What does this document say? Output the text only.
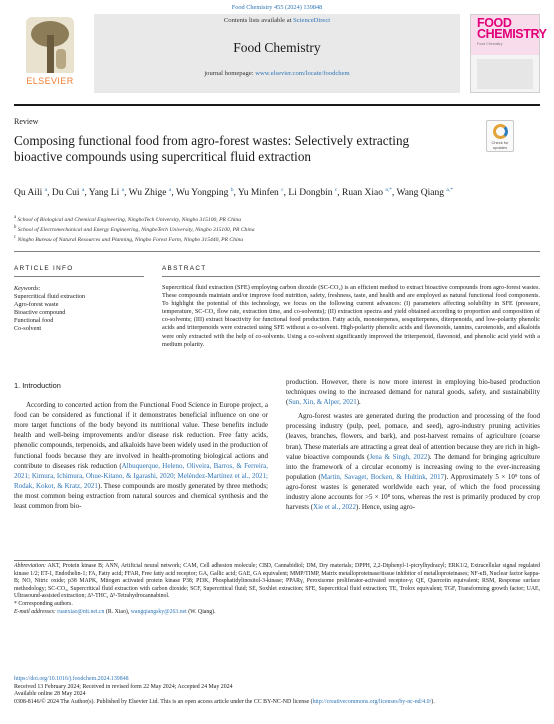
Food Chemistry 455 (2024) 139848
ELSEVIER
Contents lists available at ScienceDirect
Food Chemistry
journal homepage: www.elsevier.com/locate/foodchem
FOOD CHEMISTRY
Food Chemistry
Review
Composing functional food from agro-forest wastes: Selectively extracting bioactive compounds using supercritical fluid extraction
Check for updates
Qu Aili $^a$, Du Cui $^a$, Yang Li $^a$, Wu Zhige $^a$, Wu Yongping $^b$, Yu Minfen $^c$, Li Dongbin $^c$, Ruan Xiao $^{a,*}$, Wang Qiang $^{a,*}$
$^a$ School of Biological and Chemical Engineering, NingboTech University, Ningbo 315100, PR China
$^b$ School of Electromechanical and Energy Engineering, NingboTech University, Ningbo 315100, PR China
$^c$ Ningbo Bureau of Natural Resources and Planning, Ningbo Forest Farm, Ningbo 315440, PR China
ARTICLE INFO	ABSTRACT
Keywords:
Supercritical fluid extraction
Agro-forest waste
Bioactive compound
Functional food
Co-solvent
Supercritical fluid extraction (SFE) employing carbon dioxide (SC-CO₂) is an efficient method to extract bioactive compounds from agro-forest wastes. These compounds maintain and/or improve food nutrition, safety, freshness, taste, and health and are employed as natural functional food components. To highlight the potential of this technology, we focus on the following current advances: (I) parameters affecting solubility in SFE (pressure, temperature, SC-CO₂ flow rate, extraction time, and co-solvents); (II) extraction spectra and yield obtained according to proportion and composition of co-solvents; (III) extract bioactivity for functional food production. Fatty acids, monoterpenes, sesquiterpenes, diterpenoids, and low-polarity phenolic acids and triterpenoids were extracted using SFE without a co-solvent. High-polarity phenolic acids and flavonoids, tannins, carotenoids, and alkaloids were only extracted with the help of co-solvents. Using a co-solvent significantly improved the triterpenoid, flavonoid, and phenolic acid yield with a medium polarity.
1. Introduction

According to concerted action from the Functional Food Science in Europe project, a food can be considered as functional if it demonstrates beneficial influence on one or more target functions of the body beyond its nutritional value. These benefits include health and well-being improvements and/or disease risk reduction. Free fatty acids, phenolic compounds, terpenoids, and alkaloids have been widely used in the production of functional foods because they are involved in health-promoting biological actions and contribute to diseases risk reduction (Albuquerque, Heleno, Oliveira, Barros, & Ferreira, 2021; Kimura, Ichimura, Ohue-Kitano, & Igarashi, 2020; Meléndez-Martínez et al., 2021; Rodak, Kokot, & Kratz, 2021). These compounds are mostly generated by three methods; the most common being extraction from natural sources and chemical synthesis and the least common from bio-

production. However, there is now more interest in employing bio-based production techniques owing to the increased demand for natural goods, safety, and sustainability (Sun, Xin, & Alper, 2021).

Agro-forest wastes are generated during the production and processing of the food processing industry (pulp, peel, pomace, and seed), agro-industry pruning activities (leaves, branches, flowers, and bark), and post-harvest remains of agriculture (coarse bran). These materials are attracting a great deal of attention because they are rich in high-value bioactive compounds (Jena & Singh, 2022). The demand for bringing agriculture into the framework of a circular economy is increasing owing to the ever-increasing population (Martin, Savaget, Bocken, & Hultink, 2017). Approximately 5 × 10⁹ tons of agro-forest wastes is generated worldwide each year, of which the food processing industry alone accounts for >5 × 10⁸ tons, whereas the rest is primarily produced by crop harvests (Xie et al., 2022). Hence, using agro-

Abbreviation: AKT, Protein kinase B; ANN, Artificial neural network; CAM, Cell adhesion molecule; CBD, Cannabidiol; DM, Dry materials; DPPH, 2,2-Diphenyl-1-picrylhydrazyl; ERK1/2, Extracellular signal regulated kinase 1/2; ET-1, Endothelin-1; FA, Fatty acid; FFAR, Free fatty acid receptor; GA, Gallic acid; GAE, GA equivalent; MMP/TIMP, Matrix metalloproteinase/tissue inhibitor of metalloproteinases; NF-κB, Nuclear factor kappa-B; NO, Nitric oxide; p38 MAPK, Mitogen activated protein kinase P38; PI3K, Phosphatidylinositol-3-kinase; PPARγ, Peroxisome proliferator-activated receptor-γ; QE, Quercetin equivalent; RSM, Response surface methodology; SC-CO₂, Supercritical fluid extraction with carbon dioxide; SCF, Supercritical fluid; SE, Soxhlet extraction; SFE, Supercritical fluid extraction; TE, Trolox equivalent; TGF, Transforming growth factor; UAE, Ultrasound-assisted extraction; Δ⁹-THC, Δ⁹-Tetrahydrocannabinol.

* Corresponding authors.

E-mail addresses: ruanxiao@nit.net.cn (R. Xiao), wangqiangsky@263.net (W. Qiang).

https://doi.org/10.1016/j.foodchem.2024.139848
Received 13 February 2024; Received in revised form 22 May 2024; Accepted 24 May 2024
Available online 28 May 2024
0308-8146/© 2024 The Author(s). Published by Elsevier Ltd. This is an open access article under the CC BY-NC-ND license (http://creativecommons.org/licenses/by-nc-nd/4.0/).
